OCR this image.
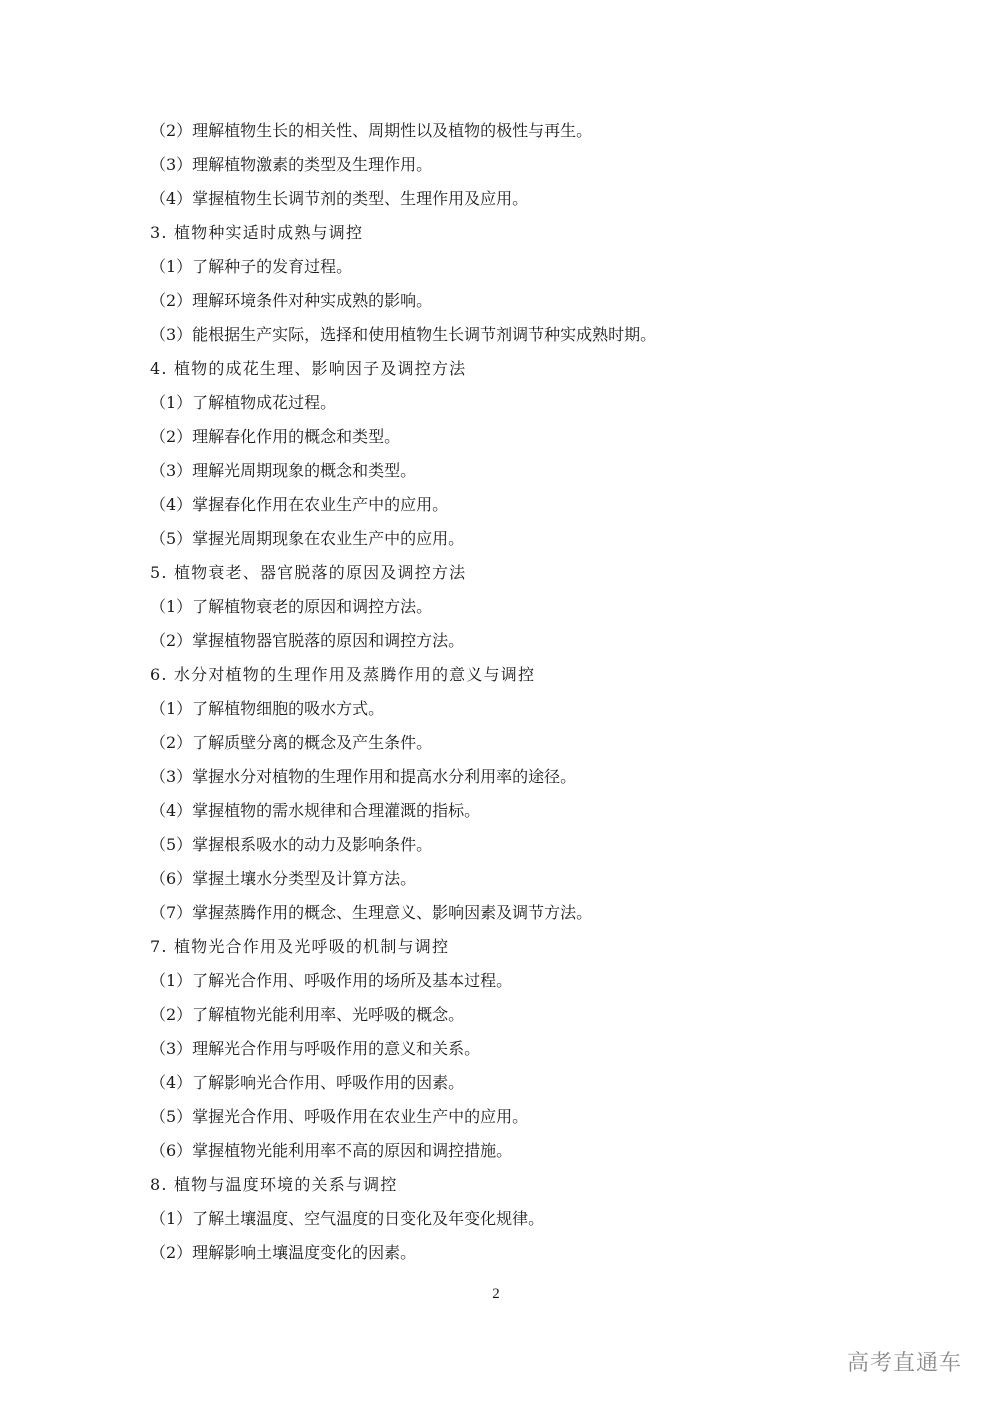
（2）理解植物生长的相关性、周期性以及植物的极性与再生。
（3）理解植物激素的类型及生理作用。
（4）掌握植物生长调节剂的类型、生理作用及应用。
3. 植物种实适时成熟与调控
（1）了解种子的发育过程。
（2）理解环境条件对种实成熟的影响。
（3）能根据生产实际，选择和使用植物生长调节剂调节种实成熟时期。
4. 植物的成花生理、影响因子及调控方法
（1）了解植物成花过程。
（2）理解春化作用的概念和类型。
（3）理解光周期现象的概念和类型。
（4）掌握春化作用在农业生产中的应用。
（5）掌握光周期现象在农业生产中的应用。
5. 植物衰老、器官脱落的原因及调控方法
（1）了解植物衰老的原因和调控方法。
（2）掌握植物器官脱落的原因和调控方法。
6. 水分对植物的生理作用及蒸腾作用的意义与调控
（1）了解植物细胞的吸水方式。
（2）了解质壁分离的概念及产生条件。
（3）掌握水分对植物的生理作用和提高水分利用率的途径。
（4）掌握植物的需水规律和合理灌溉的指标。
（5）掌握根系吸水的动力及影响条件。
（6）掌握土壤水分类型及计算方法。
（7）掌握蒸腾作用的概念、生理意义、影响因素及调节方法。
7. 植物光合作用及光呼吸的机制与调控
（1）了解光合作用、呼吸作用的场所及基本过程。
（2）了解植物光能利用率、光呼吸的概念。
（3）理解光合作用与呼吸作用的意义和关系。
（4）了解影响光合作用、呼吸作用的因素。
（5）掌握光合作用、呼吸作用在农业生产中的应用。
（6）掌握植物光能利用率不高的原因和调控措施。
8. 植物与温度环境的关系与调控
（1）了解土壤温度、空气温度的日变化及年变化规律。
（2）理解影响土壤温度变化的因素。
2
高考直通车
